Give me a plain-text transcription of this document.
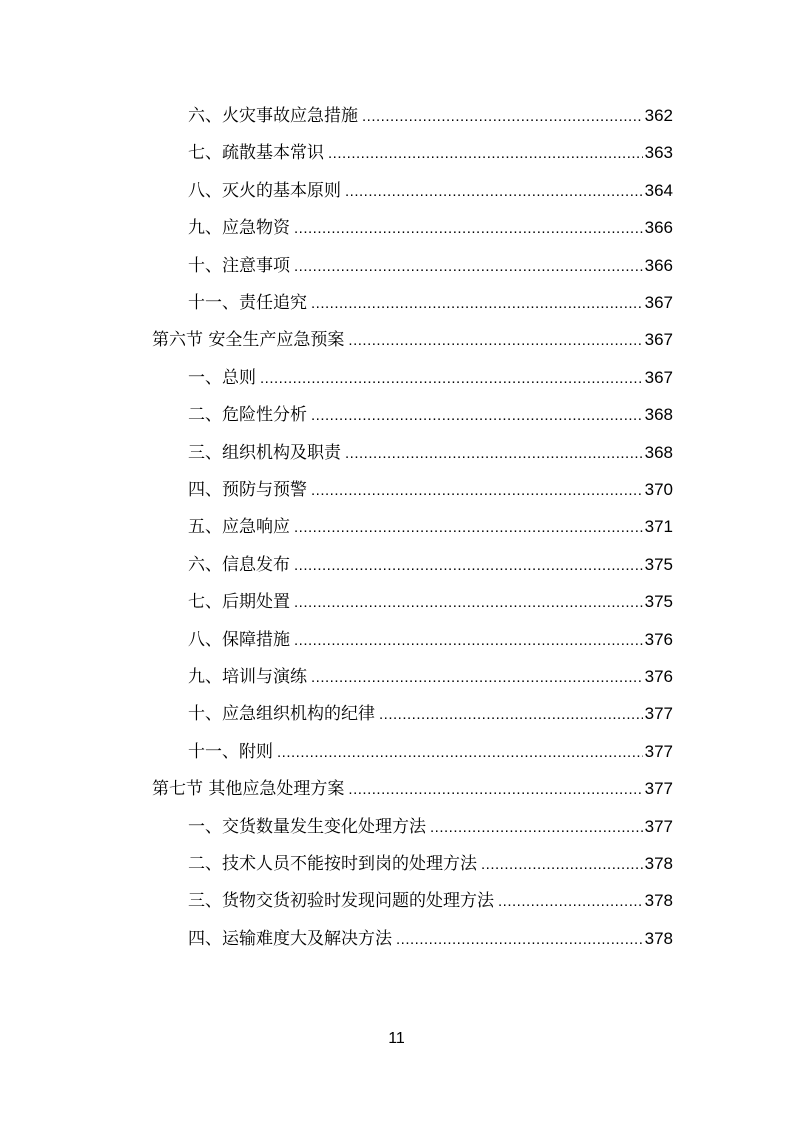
六、火灾事故应急措施 .....	362
七、疏散基本常识 .....	363
八、灭火的基本原则 .....	364
九、应急物资 .....	366
十、注意事项 .....	366
十一、责任追究 .....	367
第六节 安全生产应急预案 .....	367
一、总则 .....	367
二、危险性分析 .....	368
三、组织机构及职责 .....	368
四、预防与预警 .....	370
五、应急响应 .....	371
六、信息发布 .....	375
七、后期处置 .....	375
八、保障措施 .....	376
九、培训与演练 .....	376
十、应急组织机构的纪律 .....	377
十一、附则 .....	377
第七节 其他应急处理方案 .....	377
一、交货数量发生变化处理方法 .....	377
二、技术人员不能按时到岗的处理方法 .....	378
三、货物交货初验时发现问题的处理方法 .....	378
四、运输难度大及解决方法 .....	378
11
